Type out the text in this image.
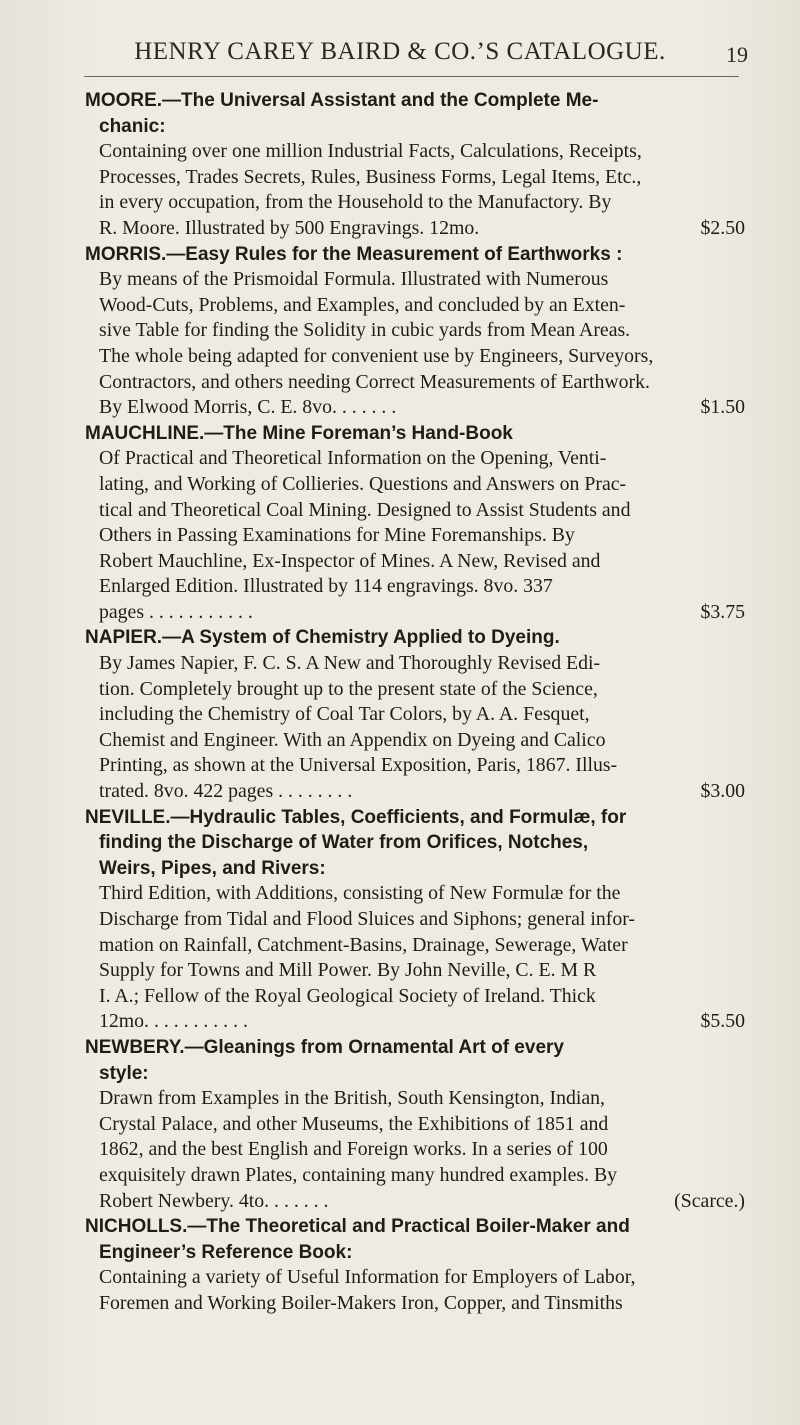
HENRY CAREY BAIRD & CO.’S CATALOGUE.	19
MOORE.—The Universal Assistant and the Complete Me-
chanic:
Containing over one million Industrial Facts, Calculations, Receipts,
Processes, Trades Secrets, Rules, Business Forms, Legal Items, Etc.,
in every occupation, from the Household to the Manufactory. By
R. Moore. Illustrated by 500 Engravings. 12mo.	$2.50
MORRIS.—Easy Rules for the Measurement of Earthworks :
By means of the Prismoidal Formula. Illustrated with Numerous
Wood-Cuts, Problems, and Examples, and concluded by an Exten-
sive Table for finding the Solidity in cubic yards from Mean Areas.
The whole being adapted for convenient use by Engineers, Surveyors,
Contractors, and others needing Correct Measurements of Earthwork.
By Elwood Morris, C. E. 8vo. . . . . . .	$1.50
MAUCHLINE.—The Mine Foreman’s Hand-Book
Of Practical and Theoretical Information on the Opening, Venti-
lating, and Working of Collieries. Questions and Answers on Prac-
tical and Theoretical Coal Mining. Designed to Assist Students and
Others in Passing Examinations for Mine Foremanships. By
Robert Mauchline, Ex-Inspector of Mines. A New, Revised and
Enlarged Edition. Illustrated by 114 engravings. 8vo. 337
pages . . . . . . . . . . .	$3.75
NAPIER.—A System of Chemistry Applied to Dyeing.
By James Napier, F. C. S. A New and Thoroughly Revised Edi-
tion. Completely brought up to the present state of the Science,
including the Chemistry of Coal Tar Colors, by A. A. Fesquet,
Chemist and Engineer. With an Appendix on Dyeing and Calico
Printing, as shown at the Universal Exposition, Paris, 1867. Illus-
trated. 8vo. 422 pages . . . . . . . .	$3.00
NEVILLE.—Hydraulic Tables, Coefficients, and Formulæ, for
finding the Discharge of Water from Orifices, Notches,
Weirs, Pipes, and Rivers:
Third Edition, with Additions, consisting of New Formulæ for the
Discharge from Tidal and Flood Sluices and Siphons; general infor-
mation on Rainfall, Catchment-Basins, Drainage, Sewerage, Water
Supply for Towns and Mill Power. By John Neville, C. E. M R
I. A.; Fellow of the Royal Geological Society of Ireland. Thick
12mo. . . . . . . . . . .	$5.50
NEWBERY.—Gleanings from Ornamental Art of every
style:
Drawn from Examples in the British, South Kensington, Indian,
Crystal Palace, and other Museums, the Exhibitions of 1851 and
1862, and the best English and Foreign works. In a series of 100
exquisitely drawn Plates, containing many hundred examples. By
Robert Newbery. 4to. . . . . . .	(Scarce.)
NICHOLLS.—The Theoretical and Practical Boiler-Maker and
Engineer’s Reference Book:
Containing a variety of Useful Information for Employers of Labor,
Foremen and Working Boiler-Makers Iron, Copper, and Tinsmiths
